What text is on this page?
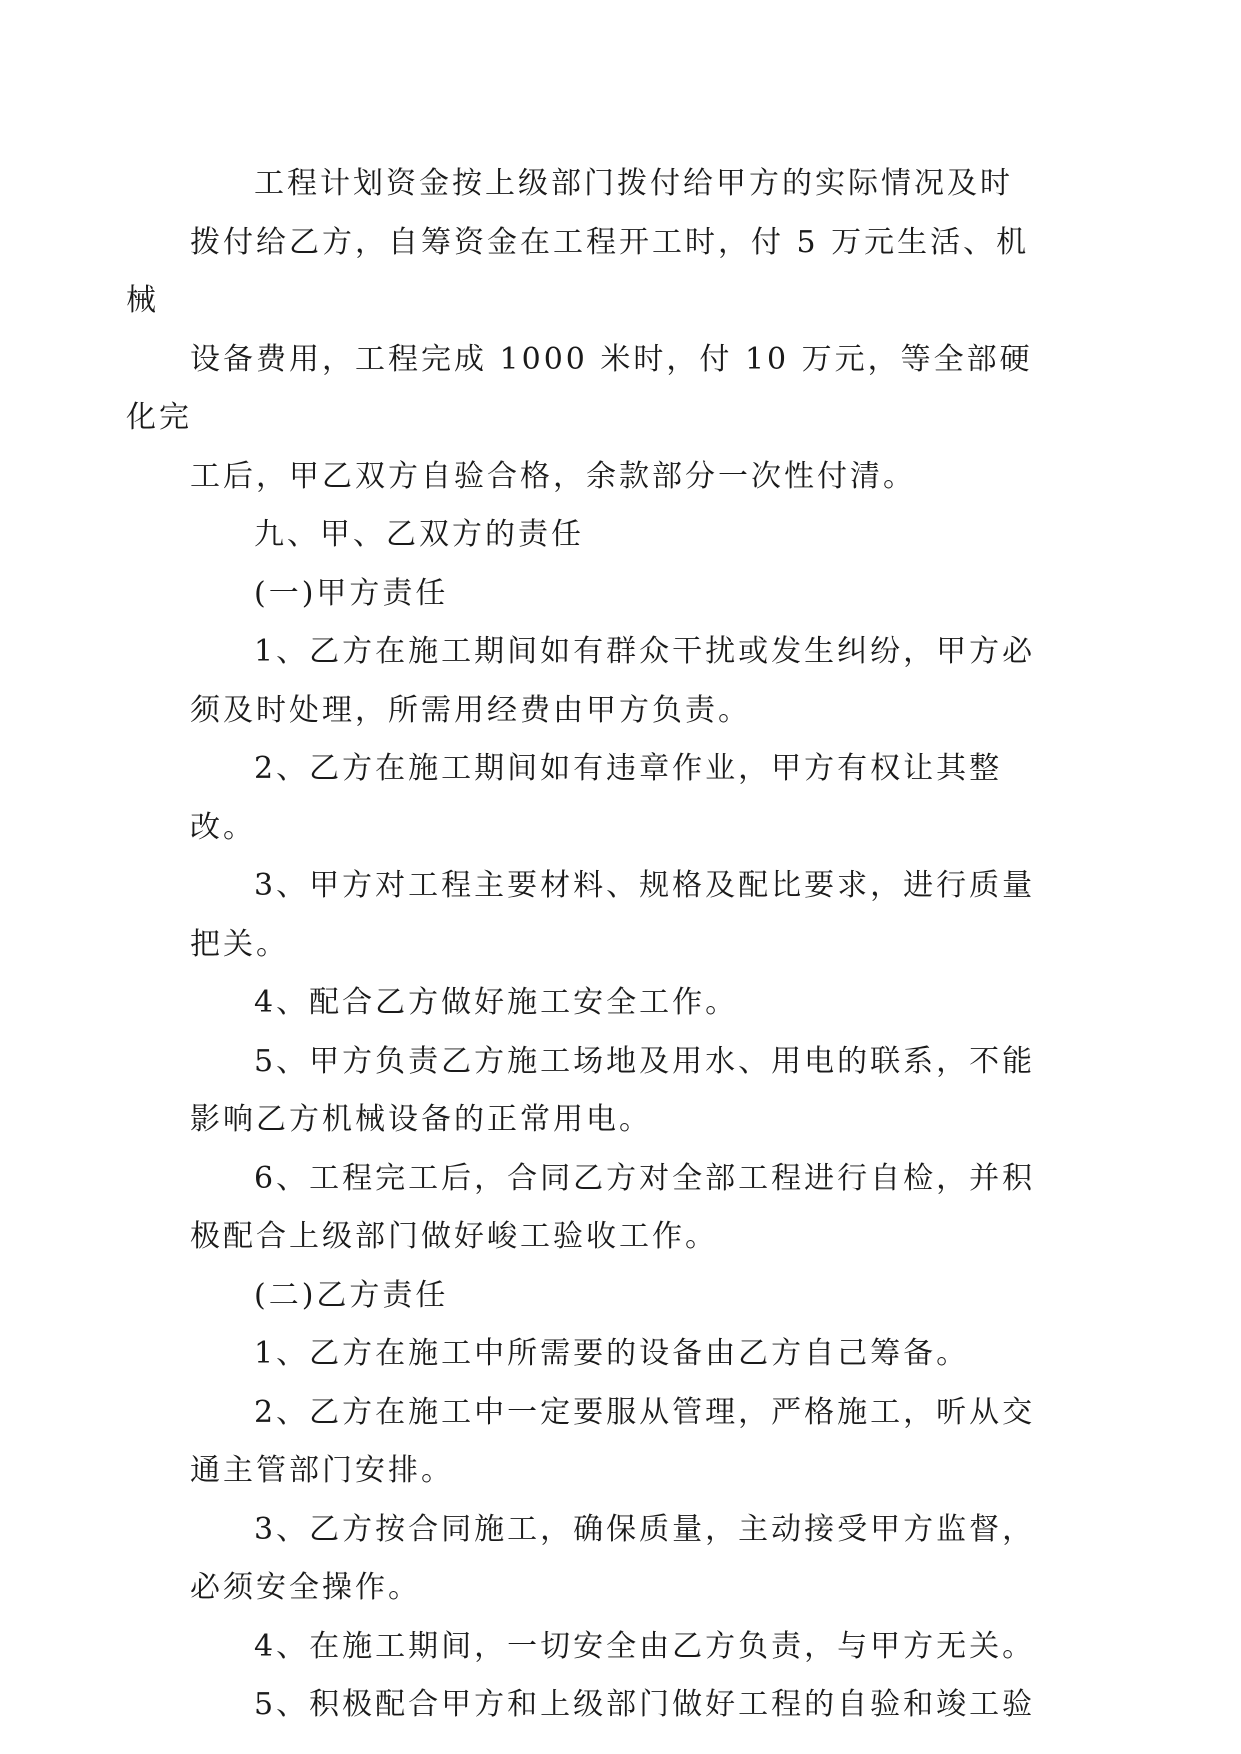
工程计划资金按上级部门拨付给甲方的实际情况及时
拨付给乙方，自筹资金在工程开工时，付 5 万元生活、机械
设备费用，工程完成 1000 米时，付 10 万元，等全部硬化完
工后，甲乙双方自验合格，余款部分一次性付清。

九、甲、乙双方的责任

(一)甲方责任

1、乙方在施工期间如有群众干扰或发生纠纷，甲方必
须及时处理，所需用经费由甲方负责。

2、乙方在施工期间如有违章作业，甲方有权让其整改。

3、甲方对工程主要材料、规格及配比要求，进行质量
把关。

4、配合乙方做好施工安全工作。

5、甲方负责乙方施工场地及用水、用电的联系，不能
影响乙方机械设备的正常用电。

6、工程完工后，合同乙方对全部工程进行自检，并积
极配合上级部门做好峻工验收工作。

(二)乙方责任

1、乙方在施工中所需要的设备由乙方自己筹备。

2、乙方在施工中一定要服从管理，严格施工，听从交
通主管部门安排。

3、乙方按合同施工，确保质量，主动接受甲方监督，
必须安全操作。

4、在施工期间，一切安全由乙方负责，与甲方无关。

5、积极配合甲方和上级部门做好工程的自验和竣工验
